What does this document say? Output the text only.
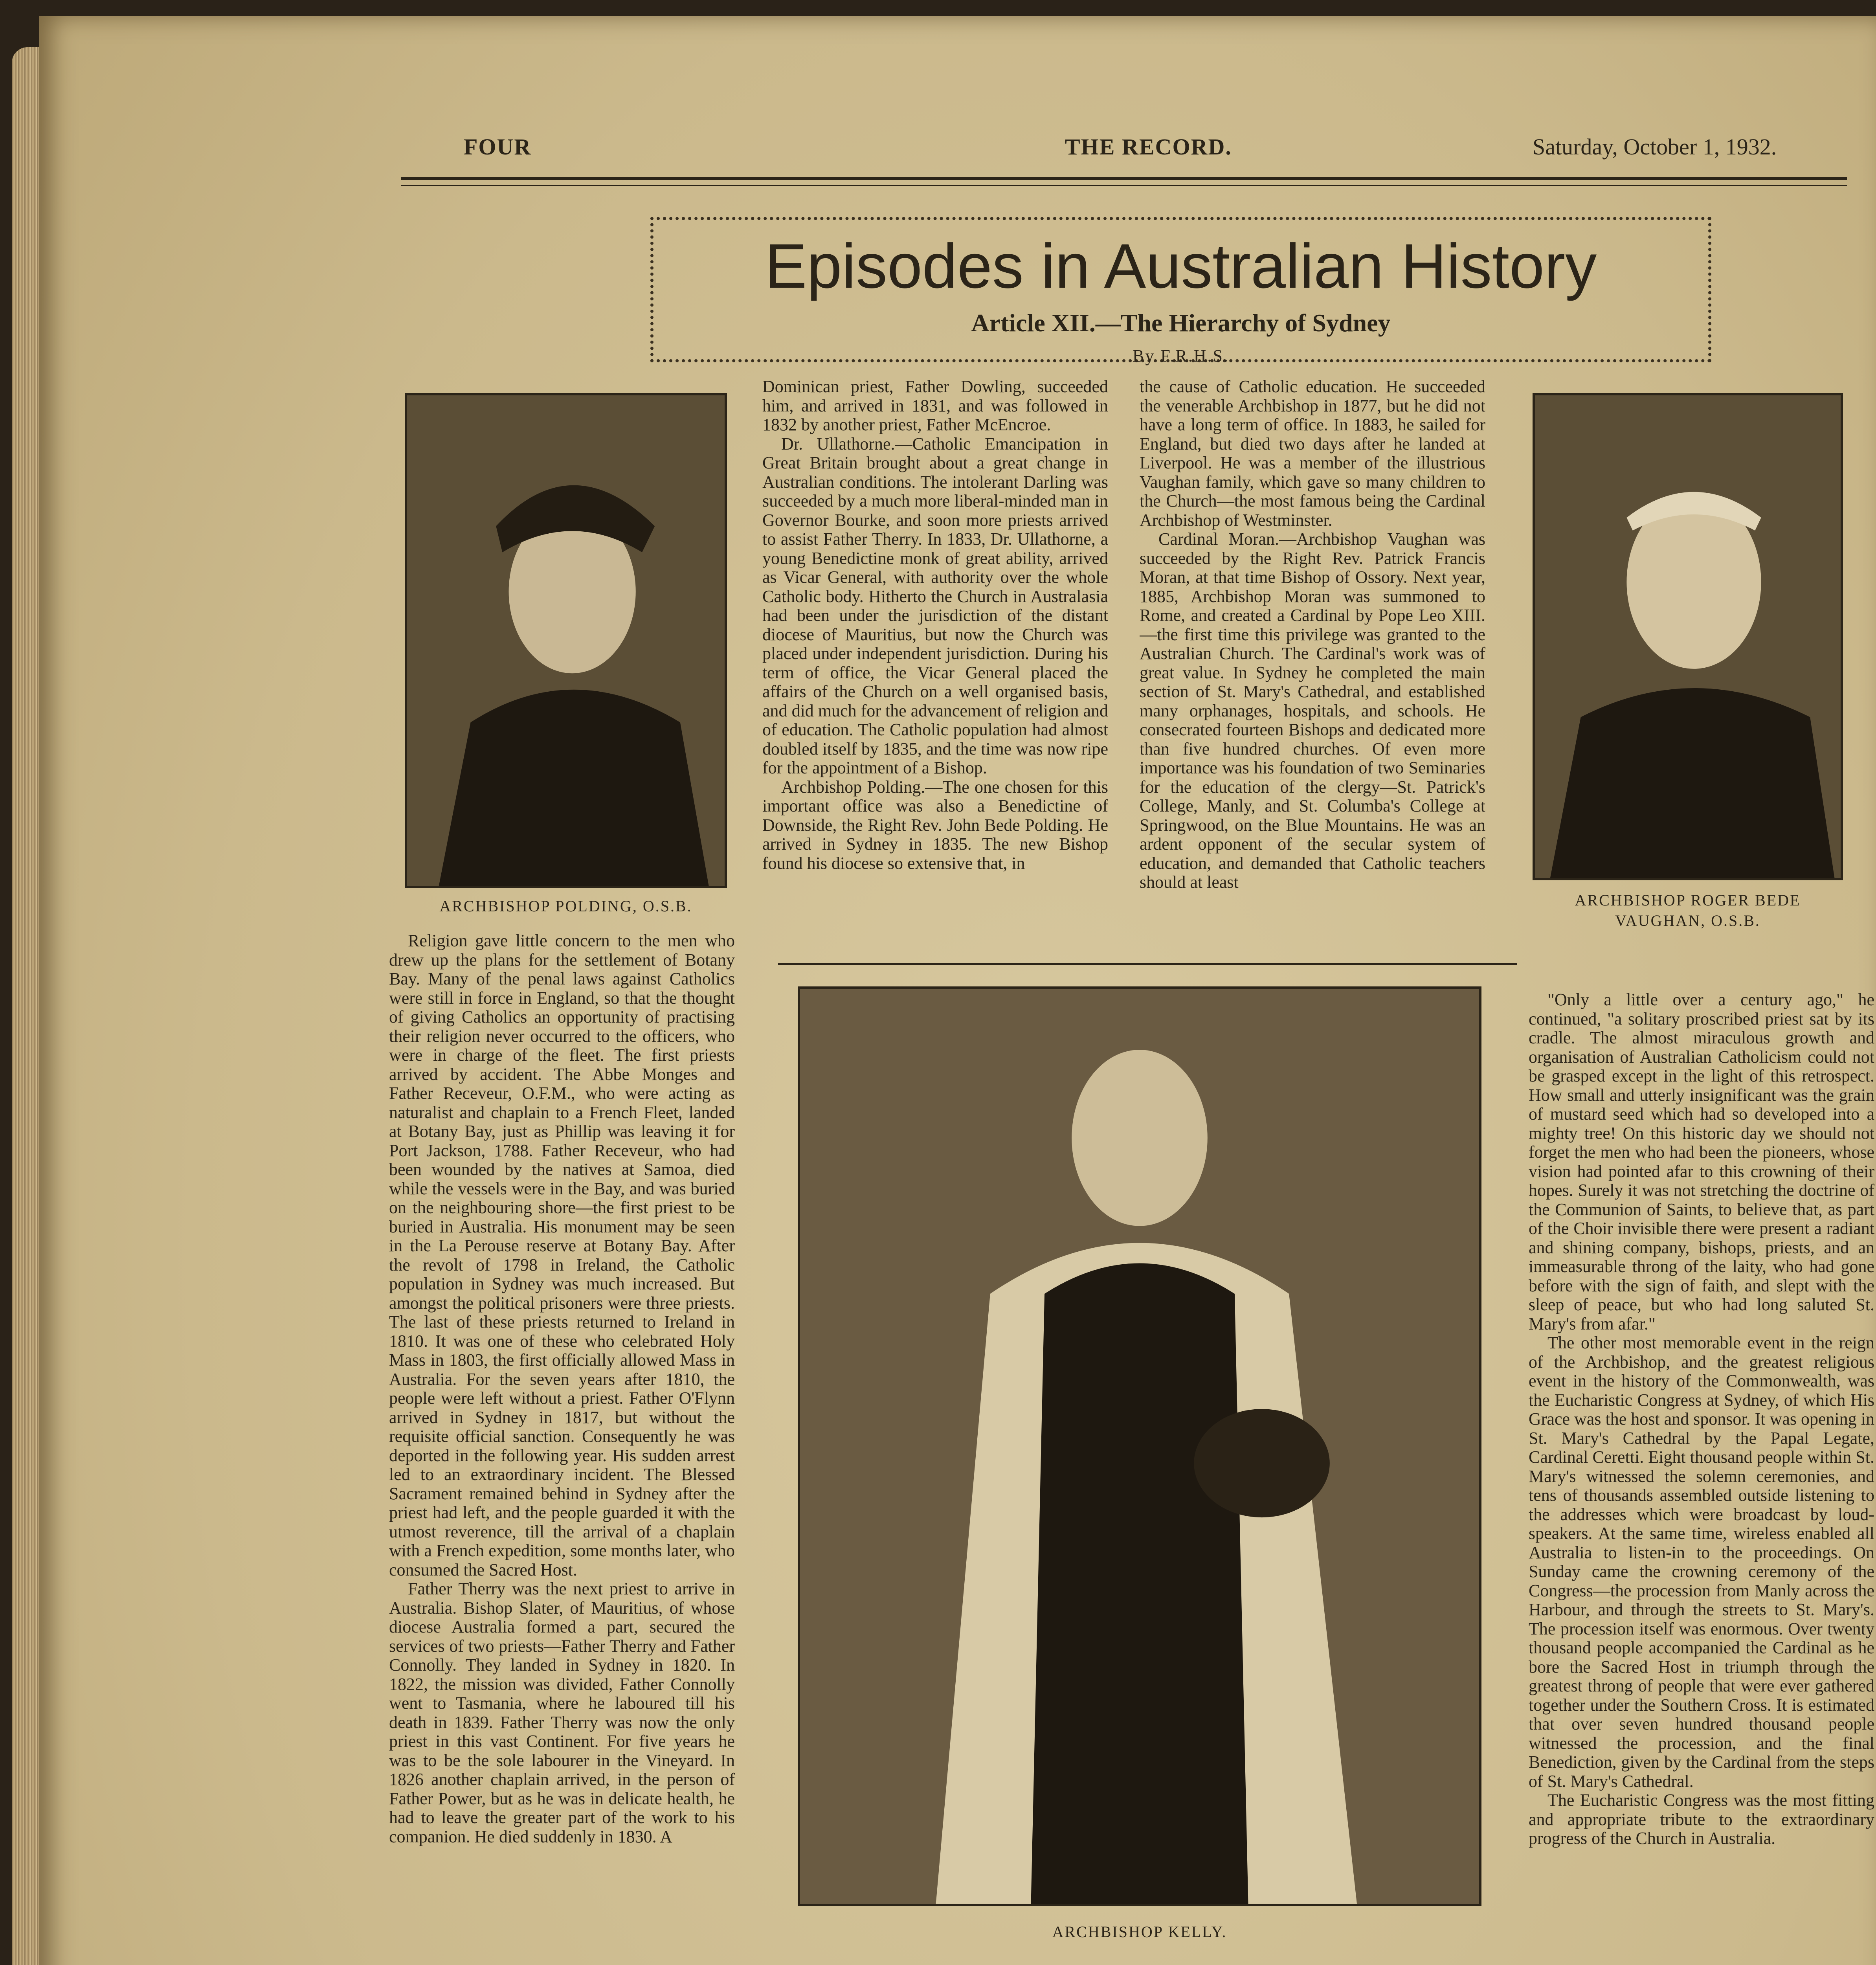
FOUR	THE RECORD.	Saturday, October 1, 1932.
Episodes in Australian History
Article XII.—The Hierarchy of Sydney
By F.R.H.S.
ARCHBISHOP POLDING, O.S.B.	ARCHBISHOP ROGER BEDE
VAUGHAN, O.S.B.
ARCHBISHOP KELLY.

Religion gave little concern to the men who drew up the plans for the settlement of Botany Bay. Many of the penal laws against Catholics were still in force in England, so that the thought of giving Catholics an opportunity of practising their religion never occurred to the officers, who were in charge of the fleet. The first priests arrived by accident. The Abbe Monges and Father Receveur, O.F.M., who were acting as naturalist and chaplain to a French Fleet, landed at Botany Bay, just as Phillip was leaving it for Port Jackson, 1788. Father Receveur, who had been wounded by the natives at Samoa, died while the vessels were in the Bay, and was buried on the neighbouring shore—the first priest to be buried in Australia. His monument may be seen in the La Perouse reserve at Botany Bay. After the revolt of 1798 in Ireland, the Catholic population in Sydney was much increased. But amongst the political prisoners were three priests. The last of these priests returned to Ireland in 1810. It was one of these who celebrated Holy Mass in 1803, the first officially allowed Mass in Australia. For the seven years after 1810, the people were left without a priest. Father O'Flynn arrived in Sydney in 1817, but without the requisite official sanction. Consequently he was deported in the following year. His sudden arrest led to an extraordinary incident. The Blessed Sacrament remained behind in Sydney after the priest had left, and the people guarded it with the utmost reverence, till the arrival of a chaplain with a French expedition, some months later, who consumed the Sacred Host.

Father Therry was the next priest to arrive in Australia. Bishop Slater, of Mauritius, of whose diocese Australia formed a part, secured the services of two priests—Father Therry and Father Connolly. They landed in Sydney in 1820. In 1822, the mission was divided, Father Connolly went to Tasmania, where he laboured till his death in 1839. Father Therry was now the only priest in this vast Continent. For five years he was to be the sole labourer in the Vineyard. In 1826 another chaplain arrived, in the person of Father Power, but as he was in delicate health, he had to leave the greater part of the work to his companion. He died suddenly in 1830. A

Dominican priest, Father Dowling, succeeded him, and arrived in 1831, and was followed in 1832 by another priest, Father McEncroe.

Dr. Ullathorne.—Catholic Emancipation in Great Britain brought about a great change in Australian conditions. The intolerant Darling was succeeded by a much more liberal-minded man in Governor Bourke, and soon more priests arrived to assist Father Therry. In 1833, Dr. Ullathorne, a young Benedictine monk of great ability, arrived as Vicar General, with authority over the whole Catholic body. Hitherto the Church in Australasia had been under the jurisdiction of the distant diocese of Mauritius, but now the Church was placed under independent jurisdiction. During his term of office, the Vicar General placed the affairs of the Church on a well organised basis, and did much for the advancement of religion and of education. The Catholic population had almost doubled itself by 1835, and the time was now ripe for the appointment of a Bishop.

Archbishop Polding.—The one chosen for this important office was also a Benedictine of Downside, the Right Rev. John Bede Polding. He arrived in Sydney in 1835. The new Bishop found his diocese so extensive that, in

the cause of Catholic education. He succeeded the venerable Archbishop in 1877, but he did not have a long term of office. In 1883, he sailed for England, but died two days after he landed at Liverpool. He was a member of the illustrious Vaughan family, which gave so many children to the Church—the most famous being the Cardinal Archbishop of Westminster.

Cardinal Moran.—Archbishop Vaughan was succeeded by the Right Rev. Patrick Francis Moran, at that time Bishop of Ossory. Next year, 1885, Archbishop Moran was summoned to Rome, and created a Cardinal by Pope Leo XIII.—the first time this privilege was granted to the Australian Church. The Cardinal's work was of great value. In Sydney he completed the main section of St. Mary's Cathedral, and established many orphanages, hospitals, and schools. He consecrated fourteen Bishops and dedicated more than five hundred churches. Of even more importance was his foundation of two Seminaries for the education of the clergy—St. Patrick's College, Manly, and St. Columba's College at Springwood, on the Blue Mountains. He was an ardent opponent of the secular system of education, and demanded that Catholic teachers should at least

"Only a little over a century ago," he continued, "a solitary proscribed priest sat by its cradle. The almost miraculous growth and organisation of Australian Catholicism could not be grasped except in the light of this retrospect. How small and utterly insignificant was the grain of mustard seed which had so developed into a mighty tree! On this historic day we should not forget the men who had been the pioneers, whose vision had pointed afar to this crowning of their hopes. Surely it was not stretching the doctrine of the Communion of Saints, to believe that, as part of the Choir invisible there were present a radiant and shining company, bishops, priests, and an immeasurable throng of the laity, who had gone before with the sign of faith, and slept with the sleep of peace, but who had long saluted St. Mary's from afar."

The other most memorable event in the reign of the Archbishop, and the greatest religious event in the history of the Commonwealth, was the Eucharistic Congress at Sydney, of which His Grace was the host and sponsor. It was opening in St. Mary's Cathedral by the Papal Legate, Cardinal Ceretti. Eight thousand people within St. Mary's witnessed the solemn ceremonies, and tens of thousands assembled outside listening to the addresses which were broadcast by loud-speakers. At the same time, wireless enabled all Australia to listen-in to the proceedings. On Sunday came the crowning ceremony of the Congress—the procession from Manly across the Harbour, and through the streets to St. Mary's. The procession itself was enormous. Over twenty thousand people accompanied the Cardinal as he bore the Sacred Host in triumph through the greatest throng of people that were ever gathered together under the Southern Cross. It is estimated that over seven hundred thousand people witnessed the procession, and the final Benediction, given by the Cardinal from the steps of St. Mary's Cathedral.

The Eucharistic Congress was the most fitting and appropriate tribute to the extraordinary progress of the Church in Australia.
